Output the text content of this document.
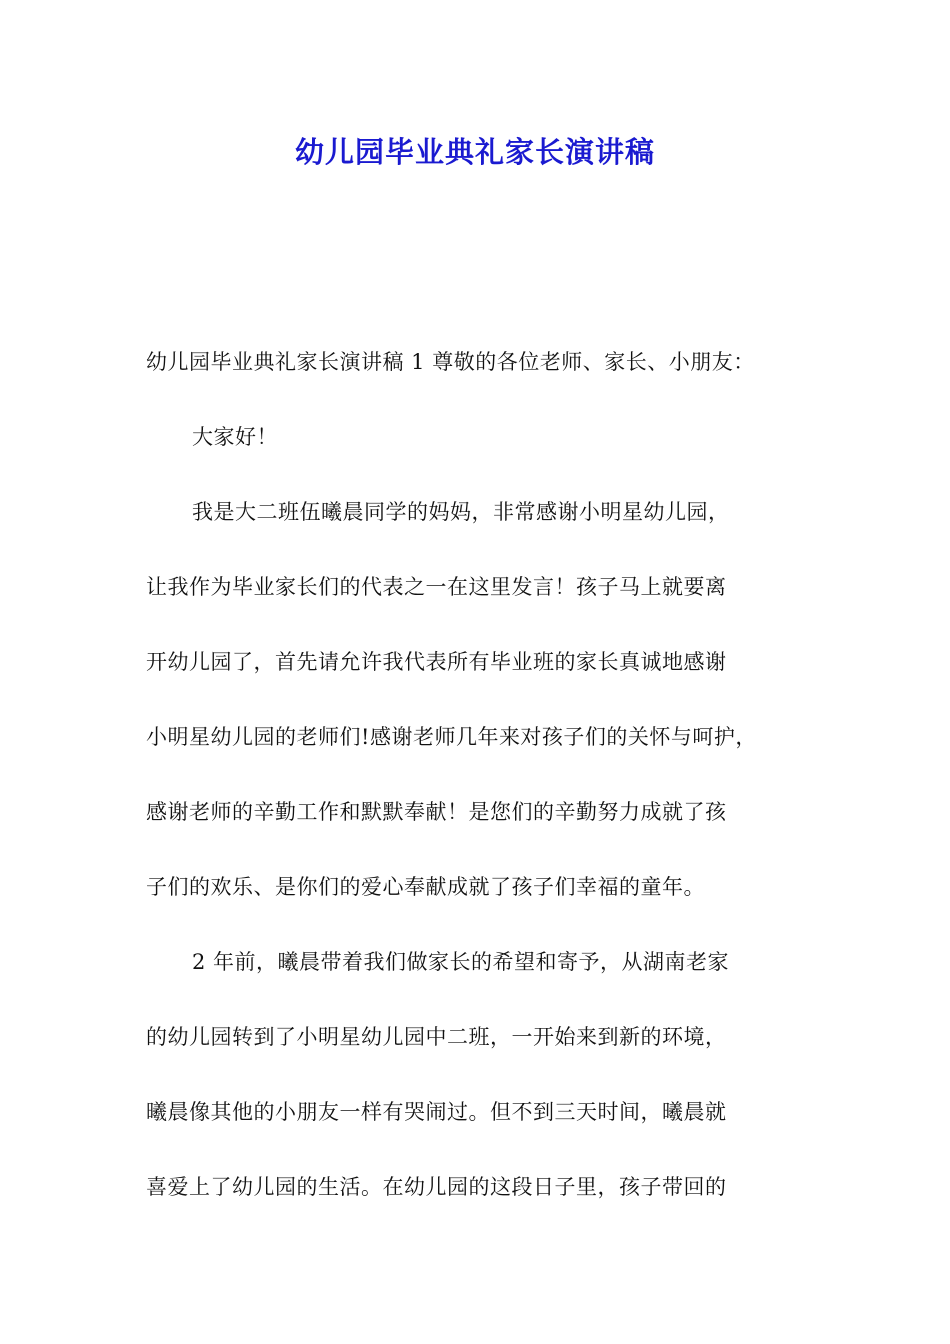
幼儿园毕业典礼家长演讲稿

幼儿园毕业典礼家长演讲稿 1 尊敬的各位老师、家长、小朋友：

大家好！

我是大二班伍曦晨同学的妈妈，非常感谢小明星幼儿园，

让我作为毕业家长们的代表之一在这里发言！孩子马上就要离

开幼儿园了，首先请允许我代表所有毕业班的家长真诚地感谢

小明星幼儿园的老师们!感谢老师几年来对孩子们的关怀与呵护，

感谢老师的辛勤工作和默默奉献！是您们的辛勤努力成就了孩

子们的欢乐、是你们的爱心奉献成就了孩子们幸福的童年。

2 年前，曦晨带着我们做家长的希望和寄予，从湖南老家

的幼儿园转到了小明星幼儿园中二班，一开始来到新的环境，

曦晨像其他的小朋友一样有哭闹过。但不到三天时间，曦晨就

喜爱上了幼儿园的生活。在幼儿园的这段日子里，孩子带回的
